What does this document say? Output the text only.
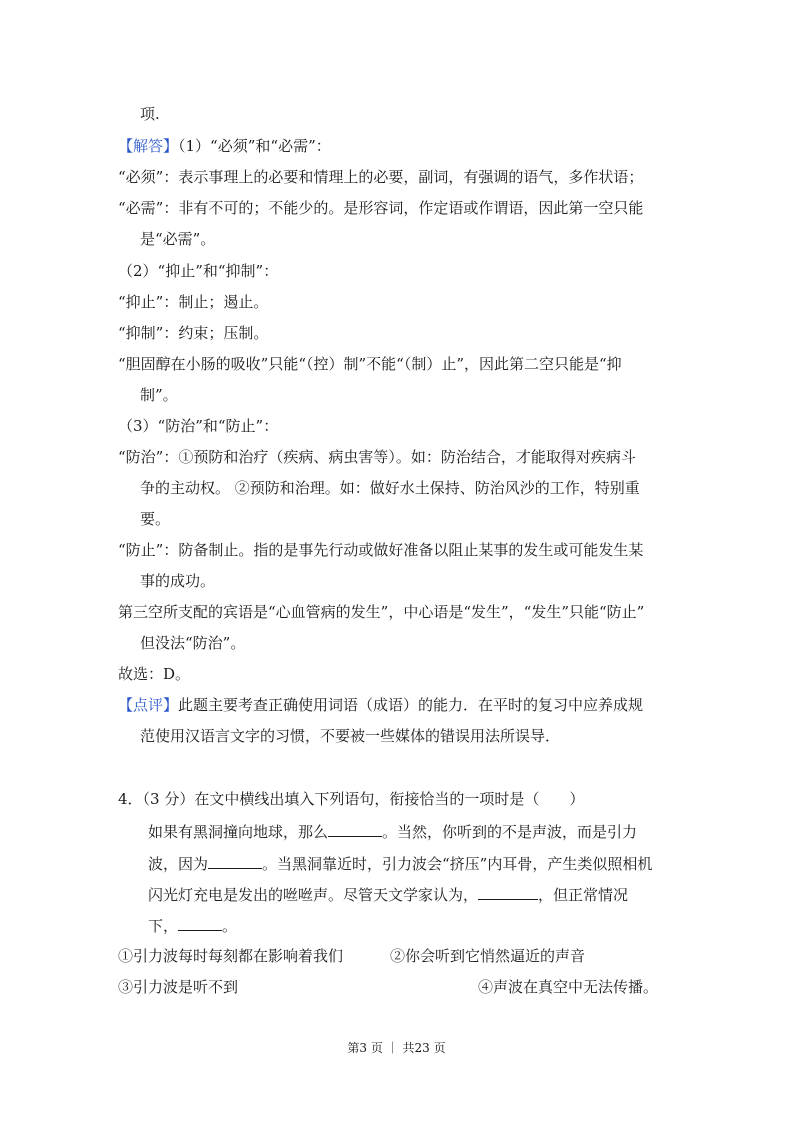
项.
【解答】（1）“必须”和“必需”：
“必须”：表示事理上的必要和情理上的必要，副词，有强调的语气，多作状语；
“必需”：非有不可的；不能少的。是形容词，作定语或作谓语，因此第一空只能
是“必需”。
（2）“抑止”和“抑制”：
“抑止”：制止；遏止。
“抑制”：约束；压制。
“胆固醇在小肠的吸收”只能“（控）制”不能“（制）止”，因此第二空只能是“抑
制”。
（3）“防治”和“防止”：
“防治”：①预防和治疗（疾病、病虫害等）。如：防治结合，才能取得对疾病斗
争的主动权。 ②预防和治理。如：做好水土保持、防治风沙的工作，特别重
要。
“防止”：防备制止。指的是事先行动或做好准备以阻止某事的发生或可能发生某
事的成功。
第三空所支配的宾语是“心血管病的发生”，中心语是“发生”，“发生”只能“防止”
但没法“防治”。
故选：D。
【点评】此题主要考查正确使用词语（成语）的能力．在平时的复习中应养成规
范使用汉语言文字的习惯，不要被一些媒体的错误用法所误导．
4．（3 分）在文中横线出填入下列语句，衔接恰当的一项时是（　　）
如果有黑洞撞向地球，那么	。当然，你听到的不是声波，而是引力
波，因为	。当黑洞靠近时，引力波会“挤压”内耳骨，产生类似照相机
闪光灯充电是发出的咝咝声。尽管天文学家认为，	，但正常情况
下，	。
①引力波每时每刻都在影响着我们	②你会听到它悄然逼近的声音
③引力波是听不到	④声波在真空中无法传播。
第3 页 ｜ 共23 页
